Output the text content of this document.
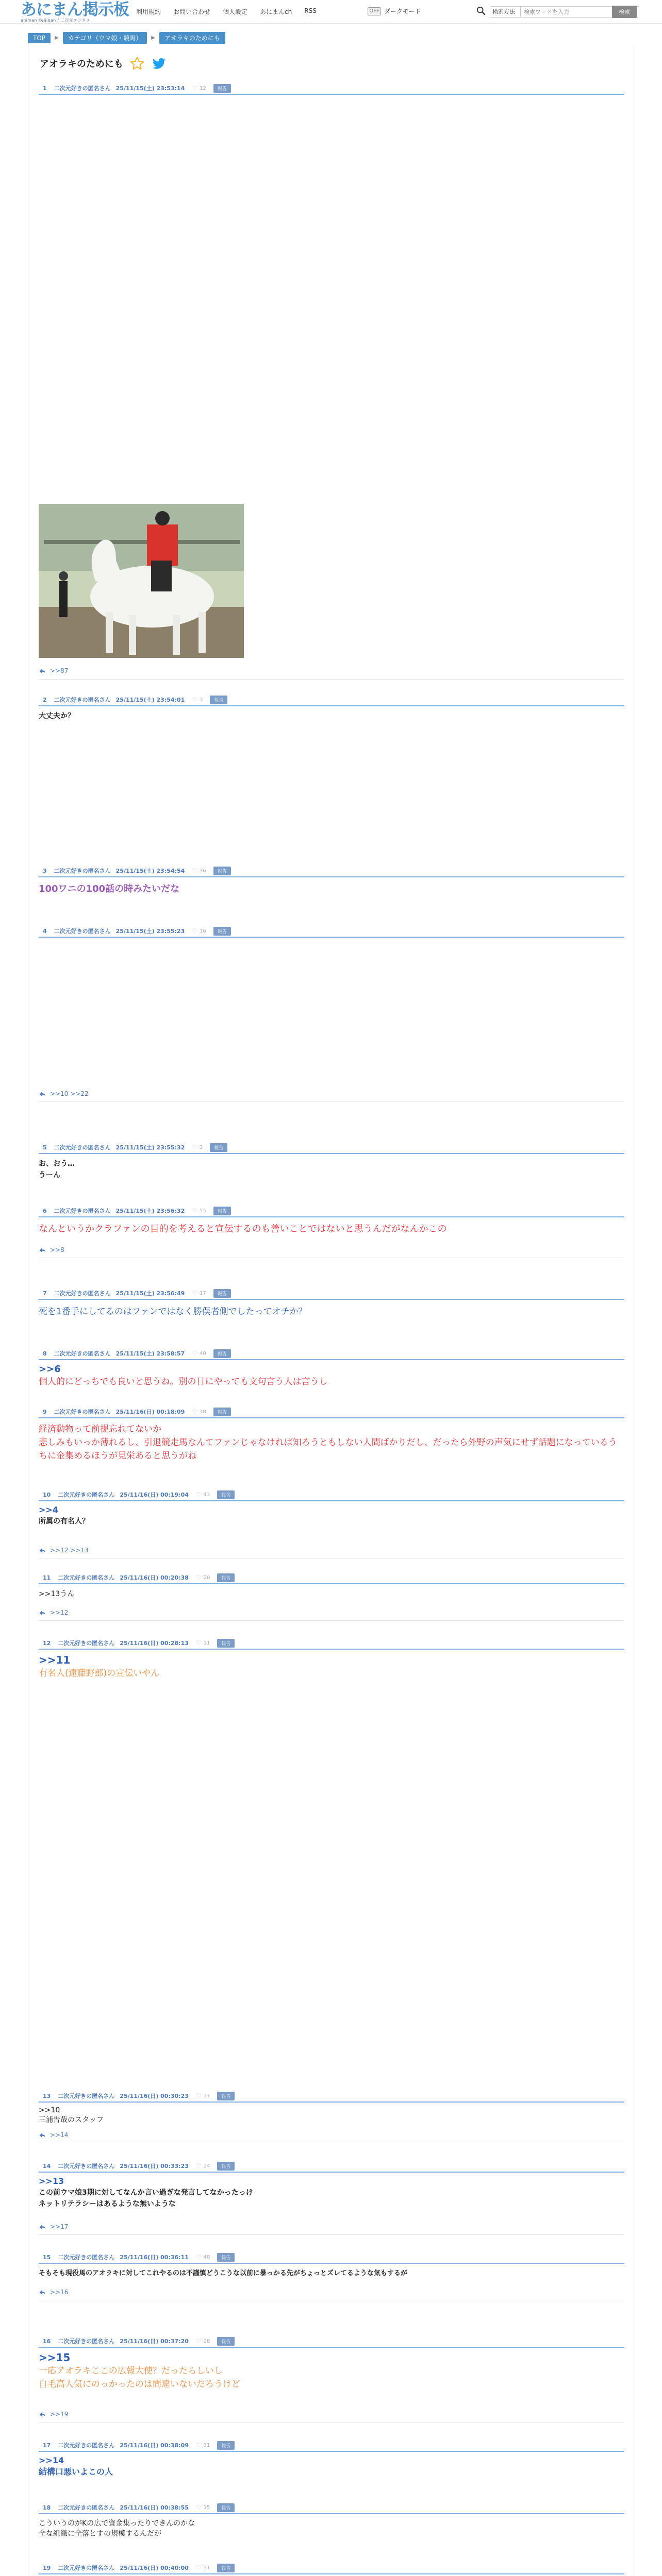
あにまん掲示板
animan Keijiban / 二次元エンタメ
利用規約 お問い合わせ 個人設定 あにまんch RSS	OFF ダークモード	検索方法
検索ワードを入力	検索
TOP	▶	カテゴリ（ウマ娘・競馬）	▶	アオラキのためにも
アオラキのためにも
1 二次元好きの匿名さん 25/11/15(土) 23:53:14 ♡ 12	報告
>>87
2 二次元好きの匿名さん 25/11/15(土) 23:54:01 ♡ 3	報告
大丈夫か？
3 二次元好きの匿名さん 25/11/15(土) 23:54:54 ♡ 36	報告
100ワニの100話の時みたいだな
4 二次元好きの匿名さん 25/11/15(土) 23:55:23 ♡ 16	報告
>>10 >>22
5 二次元好きの匿名さん 25/11/15(土) 23:55:32 ♡ 3	報告
お、おう…
うーん
6 二次元好きの匿名さん 25/11/15(土) 23:56:32 ♡ 55	報告
なんというかクラファンの目的を考えると宣伝するのも善いことではないと思うんだがなんかこの
>>8
7 二次元好きの匿名さん 25/11/15(土) 23:56:49 ♡ 17	報告
死を1番手にしてるのはファンではなく勝俣者側でしたってオチか？
8 二次元好きの匿名さん 25/11/15(土) 23:58:57 ♡ 40	報告
>>6
個人的にどっちでも良いと思うね。別の日にやっても文句言う人は言うし
9 二次元好きの匿名さん 25/11/16(日) 00:18:09 ♡ 38	報告
経済動物って前提忘れてないか
悲しみもいっか薄れるし、引退競走馬なんてファンじゃなければ知ろうともしない人間ばかりだし、だったら外野の声気にせず話題になっているうちに金集めるほうが見栄あると思うがね
10 二次元好きの匿名さん 25/11/16(日) 00:19:04 ♡ 43	報告
>>4
所属の有名人？
>>12 >>13
11 二次元好きの匿名さん 25/11/16(日) 00:20:38 ♡ 20	報告
>>13うん
>>12
12 二次元好きの匿名さん 25/11/16(日) 00:28:13 ♡ 11	報告
>>11
有名人(遠藤野郎)の宣伝いやん
13 二次元好きの匿名さん 25/11/16(日) 00:30:23 ♡ 17	報告
>>10
三浦告哉のスタッフ
>>14
14 二次元好きの匿名さん 25/11/16(日) 00:33:23 ♡ 24	報告
>>13
この前ウマ娘3期に対してなんか言い過ぎな発言してなかったっけ
ネットリテラシーはあるような無いような
>>17
15 二次元好きの匿名さん 25/11/16(日) 00:36:11 ♡ 48	報告
そもそも現役馬のアオラキに対してこれやるのは不謹慎どうこうな以前に暴っかる先がちょっとズレてるような気もするが
>>16
16 二次元好きの匿名さん 25/11/16(日) 00:37:20 ♡ 28	報告
>>15
一応アオラキここの広報大使？だったらしいし
自毛高人気にのっかったのは間違いないだろうけど
>>19
17 二次元好きの匿名さん 25/11/16(日) 00:38:09 ♡ 31	報告
>>14
結構口悪いよこの人
18 二次元好きの匿名さん 25/11/16(日) 00:38:55 ♡ 15	報告
こういうのがKの広で資金集ったりできんのかな
全な組織に全落とすの規模するんだが
19 二次元好きの匿名さん 25/11/16(日) 00:40:00 ♡ 31	報告
